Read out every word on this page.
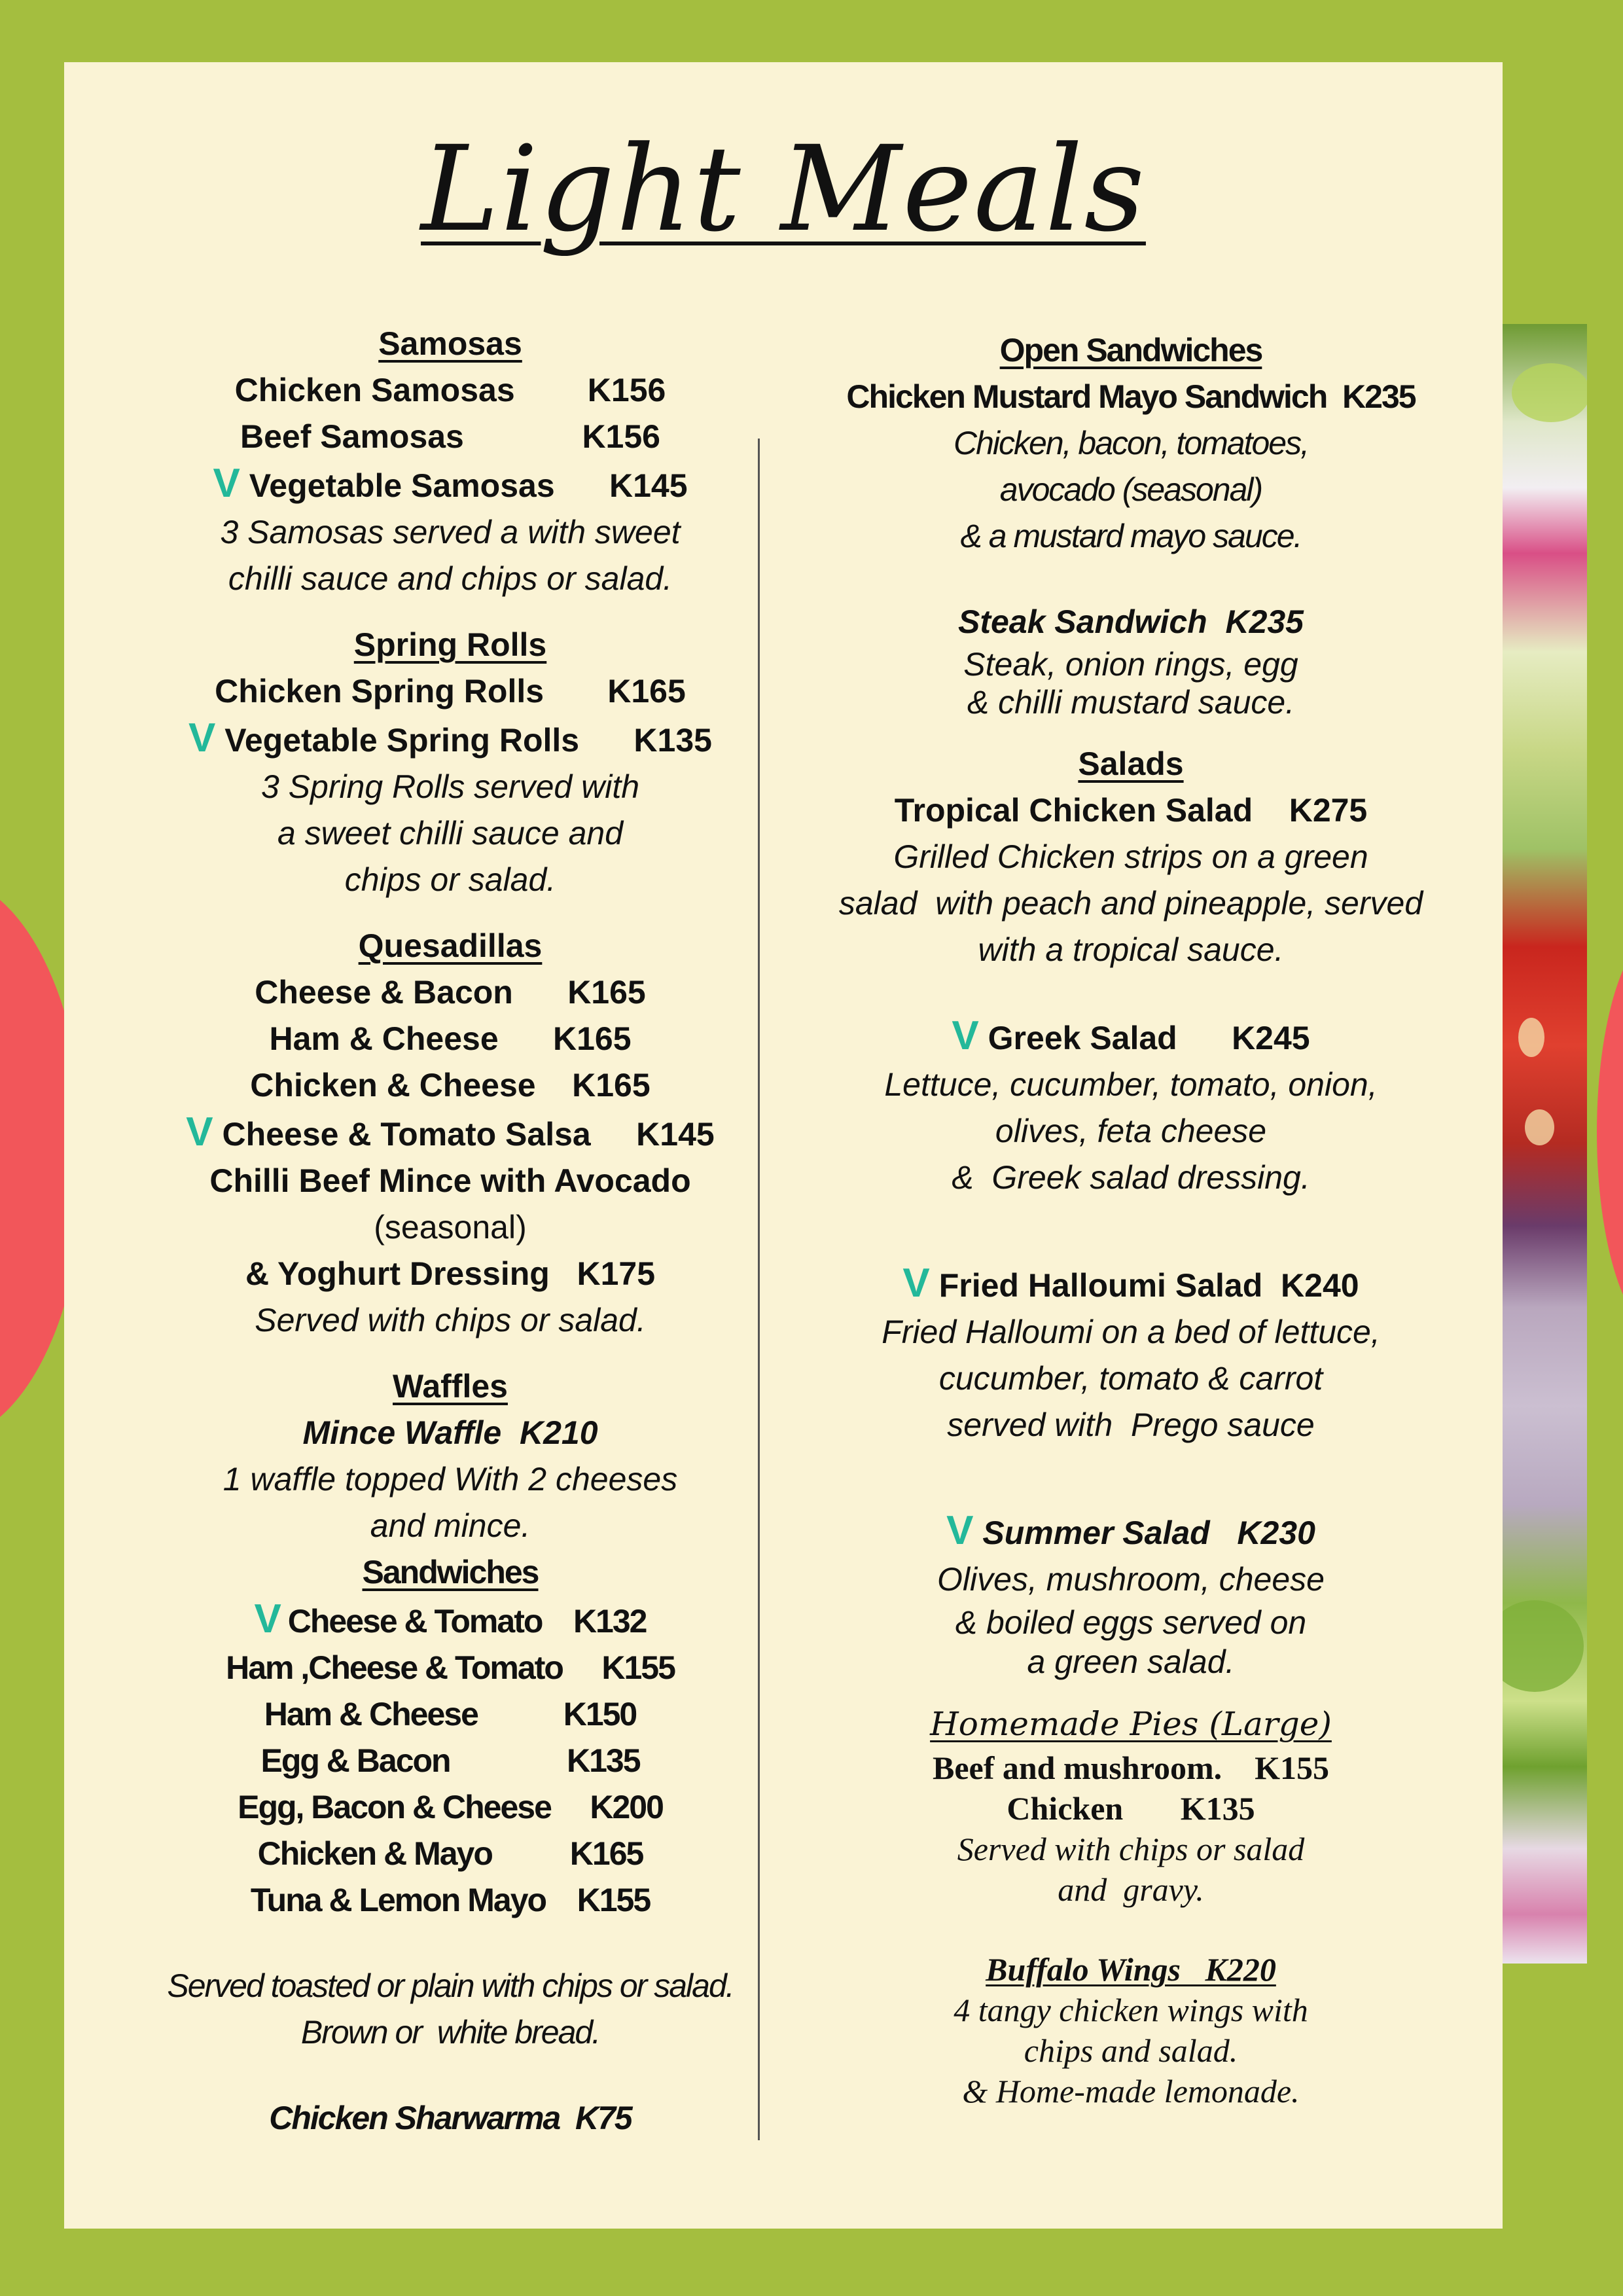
Light Meals
Samosas
Chicken Samosas        K156
Beef Samosas             K156
V Vegetable Samosas      K145
3 Samosas served a with sweet
chilli sauce and chips or salad.
Spring Rolls
Chicken Spring Rolls       K165
V Vegetable Spring Rolls      K135
3 Spring Rolls served with
a sweet chilli sauce and
chips or salad.
Quesadillas
Cheese & Bacon      K165
Ham & Cheese      K165
Chicken & Cheese    K165
V Cheese & Tomato Salsa     K145
Chilli Beef Mince with Avocado
(seasonal)
& Yoghurt Dressing   K175
Served with chips or salad.
Waffles
Mince Waffle  K210
1 waffle topped With 2 cheeses
and mince.
Sandwiches
V Cheese & Tomato    K132
Ham ,Cheese & Tomato     K155
Ham & Cheese           K150
Egg & Bacon               K135
Egg, Bacon & Cheese     K200
Chicken & Mayo          K165
Tuna & Lemon Mayo    K155
Served toasted or plain with chips or salad.
Brown or  white bread.
Chicken Sharwarma  K75
Open Sandwiches
Chicken Mustard Mayo Sandwich  K235
Chicken, bacon, tomatoes,
avocado (seasonal)
& a mustard mayo sauce.
Steak Sandwich  K235
Steak, onion rings, egg
& chilli mustard sauce.
Salads
Tropical Chicken Salad    K275
Grilled Chicken strips on a green
salad  with peach and pineapple, served
with a tropical sauce.
V Greek Salad      K245
Lettuce, cucumber, tomato, onion,
olives, feta cheese
&  Greek salad dressing.
V Fried Halloumi Salad  K240
Fried Halloumi on a bed of lettuce,
cucumber, tomato & carrot
served with  Prego sauce
V Summer Salad   K230
Olives, mushroom, cheese
& boiled eggs served on
a green salad.
Homemade Pies (Large)
Beef and mushroom.    K155
Chicken       K135
Served with chips or salad
and  gravy.
Buffalo Wings   K220
4 tangy chicken wings with
chips and salad.
& Home-made lemonade.
